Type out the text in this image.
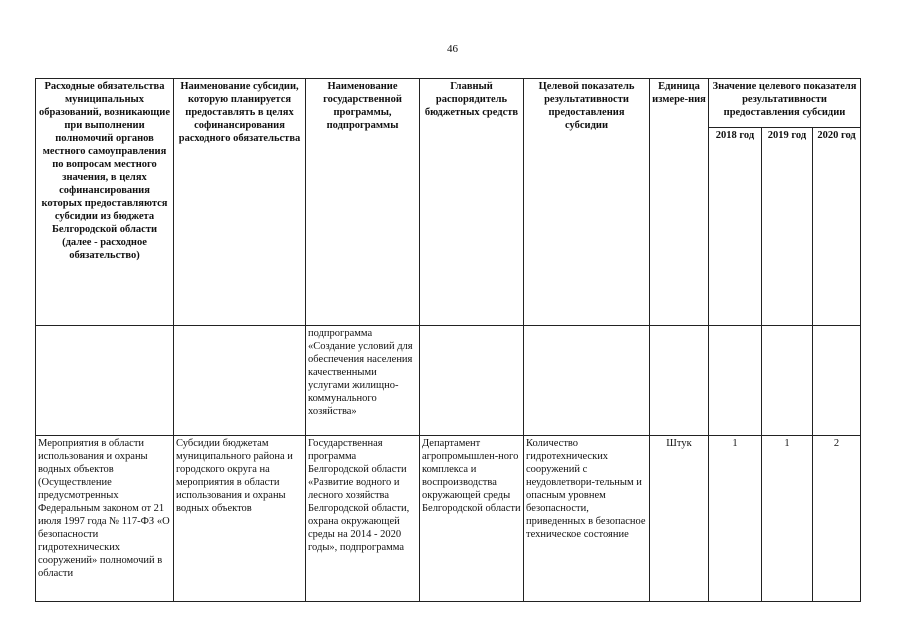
46
Расходные обязательства муниципальных образований, возникающие при выполнении полномочий органов местного самоуправления по вопросам местного значения, в целях софинансирования которых предоставляются субсидии из бюджета Белгородской области (далее - расходное обязательство)	Наименование субсидии, которую планируется предоставлять в целях софинансирования расходного обязательства	Наименование государственной программы, подпрограммы	Главный распорядитель бюджетных средств	Целевой показатель результативности предоставления субсидии	Единица измере-ния	Значение целевого показателя результативности предоставления субсидии		
						2018 год	2019 год	2020 год
		подпрограмма «Создание условий для обеспечения населения качественными услугами жилищно-коммунального хозяйства»						
Мероприятия в области использования и охраны водных объектов (Осуществление предусмотренных Федеральным законом от 21 июля 1997 года № 117-ФЗ «О безопасности гидротехнических сооружений» полномочий в области	Субсидии бюджетам муниципального района и городского округа на мероприятия в области использования и охраны водных объектов	Государственная программа Белгородской области «Развитие водного и лесного хозяйства Белгородской области, охрана окружающей среды на 2014 - 2020 годы», подпрограмма	Департамент агропромышлен-ного комплекса и воспроизводства окружающей среды Белгородской области	Количество гидротехнических сооружений с неудовлетвори-тельным и опасным уровнем безопасности, приведенных в безопасное техническое состояние	Штук	1	1	2
